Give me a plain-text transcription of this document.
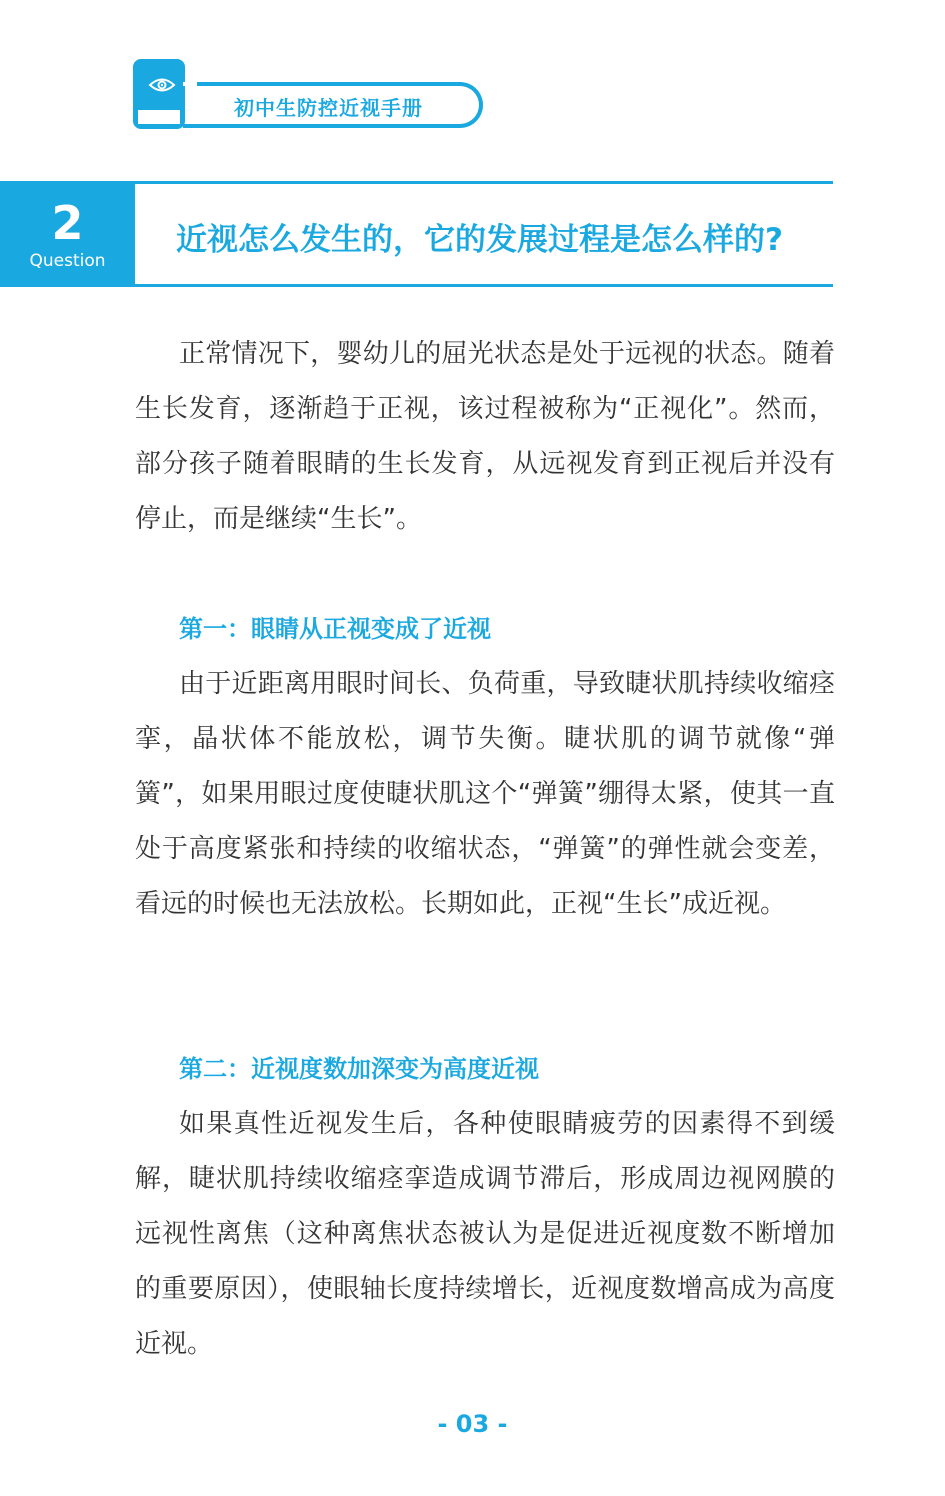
初中生防控近视手册
2
Question
近视怎么发生的，它的发展过程是怎么样的?

正常情况下，婴幼儿的屈光状态是处于远视的状态。随着生长发育，逐渐趋于正视，该过程被称为“正视化”。然而，部分孩子随着眼睛的生长发育，从远视发育到正视后并没有停止，而是继续“生长”。

第一：眼睛从正视变成了近视

由于近距离用眼时间长、负荷重，导致睫状肌持续收缩痉挛，晶状体不能放松，调节失衡。睫状肌的调节就像“弹簧”，如果用眼过度使睫状肌这个“弹簧”绷得太紧，使其一直处于高度紧张和持续的收缩状态，“弹簧”的弹性就会变差，看远的时候也无法放松。长期如此，正视“生长”成近视。

第二：近视度数加深变为高度近视

如果真性近视发生后，各种使眼睛疲劳的因素得不到缓解，睫状肌持续收缩痉挛造成调节滞后，形成周边视网膜的远视性离焦（这种离焦状态被认为是促进近视度数不断增加的重要原因），使眼轴长度持续增长，近视度数增高成为高度近视。

- 03 -
